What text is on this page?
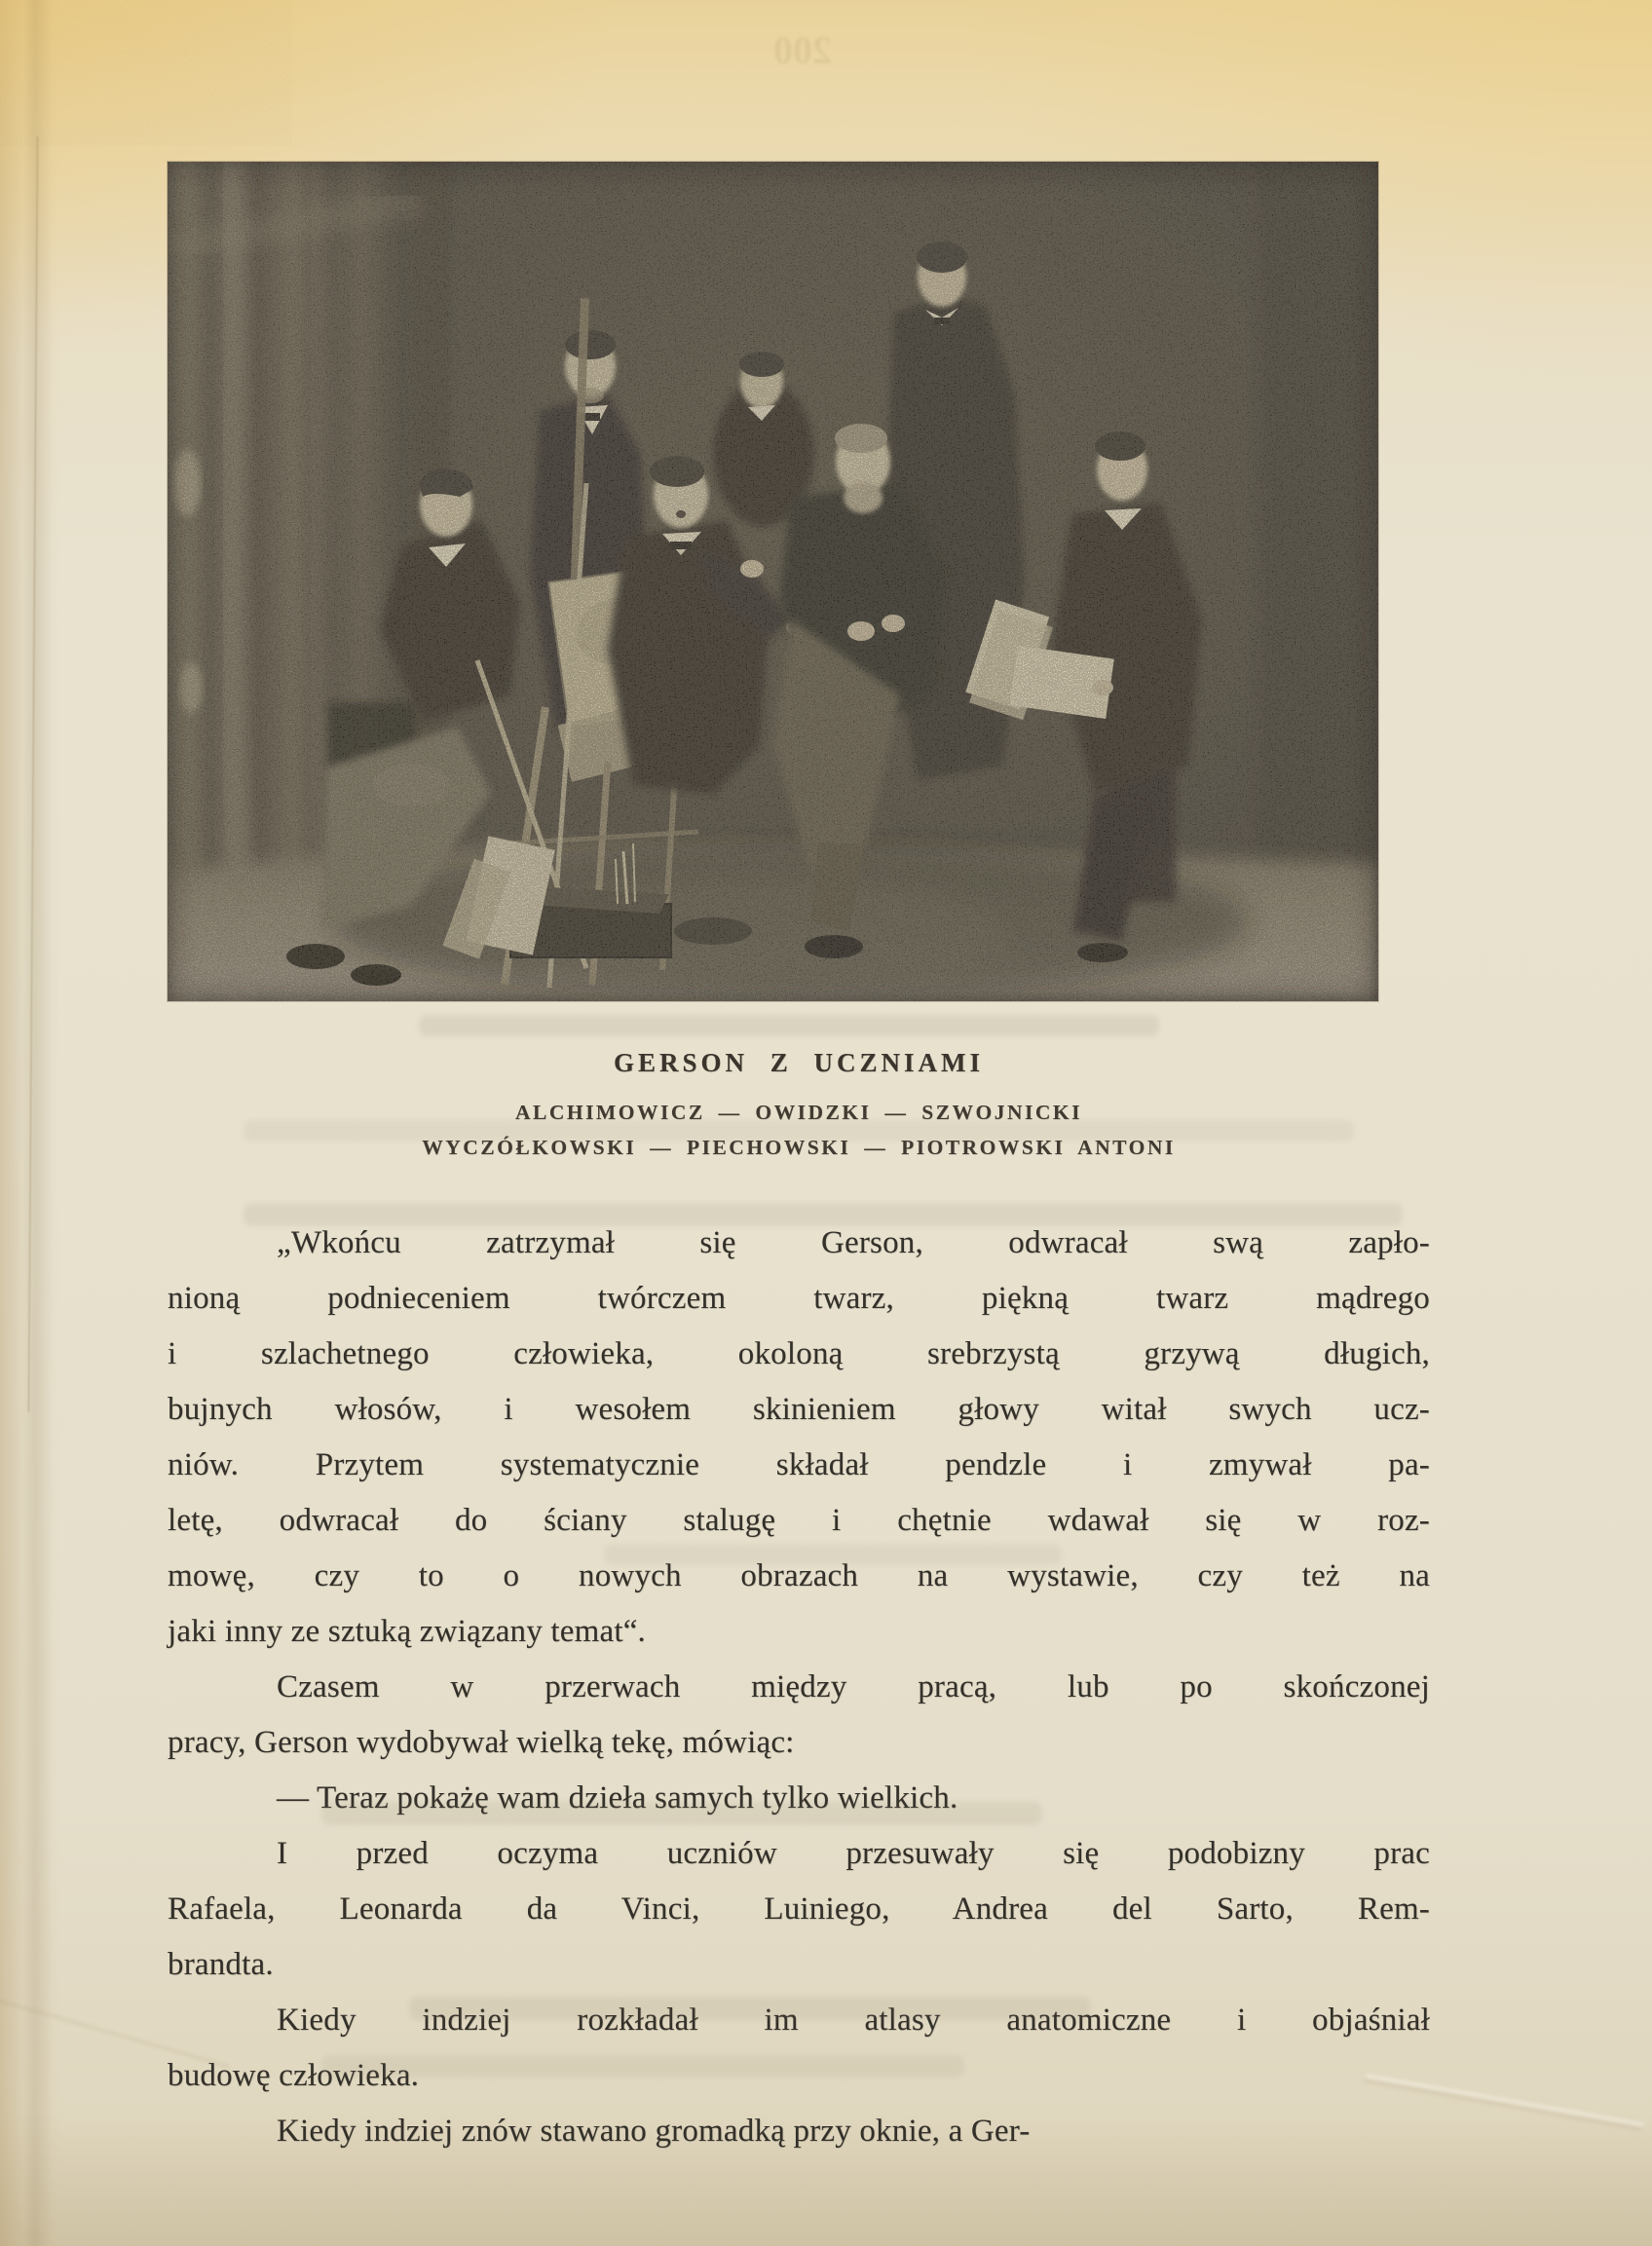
200
GERSON Z UCZNIAMI
ALCHIMOWICZ — OWIDZKI — SZWOJNICKI
WYCZÓŁKOWSKI — PIECHOWSKI — PIOTROWSKI ANTONI
„Wkońcu zatrzymał się Gerson, odwracał swą zapło-
nioną podnieceniem twórczem twarz, piękną twarz mądrego
i szlachetnego człowieka, okoloną srebrzystą grzywą długich,
bujnych włosów, i wesołem skinieniem głowy witał swych ucz-
niów. Przytem systematycznie składał pendzle i zmywał pa-
letę, odwracał do ściany stalugę i chętnie wdawał się w roz-
mowę, czy to o nowych obrazach na wystawie, czy też na
jaki inny ze sztuką związany temat“.
Czasem w przerwach między pracą, lub po skończonej
pracy, Gerson wydobywał wielką tekę, mówiąc:
— Teraz pokażę wam dzieła samych tylko wielkich.
I przed oczyma uczniów przesuwały się podobizny prac
Rafaela, Leonarda da Vinci, Luiniego, Andrea del Sarto, Rem-
brandta.
Kiedy indziej rozkładał im atlasy anatomiczne i objaśniał
budowę człowieka.
Kiedy indziej znów stawano gromadką przy oknie, a Ger-
